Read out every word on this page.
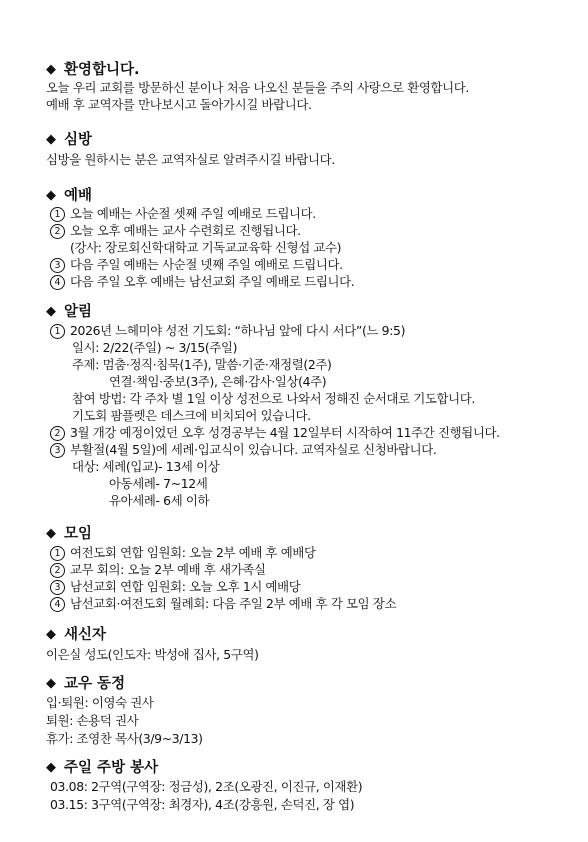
◆ 환영합니다.
오늘 우리 교회를 방문하신 분이나 처음 나오신 분들을 주의 사랑으로 환영합니다.
예배 후 교역자를 만나보시고 돌아가시길 바랍니다.
◆ 심방
심방을 원하시는 분은 교역자실로 알려주시길 바랍니다.
◆ 예배
1 오늘 예배는 사순절 셋째 주일 예배로 드립니다.
2 오늘 오후 예배는 교사 수련회로 진행됩니다.
(강사: 장로회신학대학교 기독교교육학 신형섭 교수)
3 다음 주일 예배는 사순절 넷째 주일 예배로 드립니다.
4 다음 주일 오후 예배는 남선교회 주일 예배로 드립니다.
◆ 알림
1 2026년 느헤미야 성전 기도회: “하나님 앞에 다시 서다”(느 9:5)
일시: 2/22(주일) ~ 3/15(주일)
주제: 멈춤·정직·침묵(1주), 말씀·기준·재정렬(2주)
연결·책임·중보(3주), 은혜·감사·일상(4주)
참여 방법: 각 주차 별 1일 이상 성전으로 나와서 정해진 순서대로 기도합니다.
기도회 팜플렛은 데스크에 비치되어 있습니다.
2 3월 개강 예정이었던 오후 성경공부는 4월 12일부터 시작하여 11주간 진행됩니다.
3 부활절(4월 5일)에 세례·입교식이 있습니다. 교역자실로 신청바랍니다.
대상: 세례(입교)- 13세 이상
아동세례- 7~12세
유아세례- 6세 이하
◆ 모임
1 여전도회 연합 임원회: 오늘 2부 예배 후 예배당
2 교무 회의: 오늘 2부 예배 후 새가족실
3 남선교회 연합 임원회: 오늘 오후 1시 예배당
4 남선교회·여전도회 월례회: 다음 주일 2부 예배 후 각 모임 장소
◆ 새신자
이은실 성도(인도자: 박성애 집사, 5구역)
◆ 교우 동정
입·퇴원: 이영숙 권사
퇴원: 손용덕 권사
휴가: 조영찬 목사(3/9~3/13)
◆ 주일 주방 봉사
03.08: 2구역(구역장: 정금성), 2조(오광진, 이진규, 이재환)
03.15: 3구역(구역장: 최경자), 4조(강흥원, 손덕진, 장 엽)
